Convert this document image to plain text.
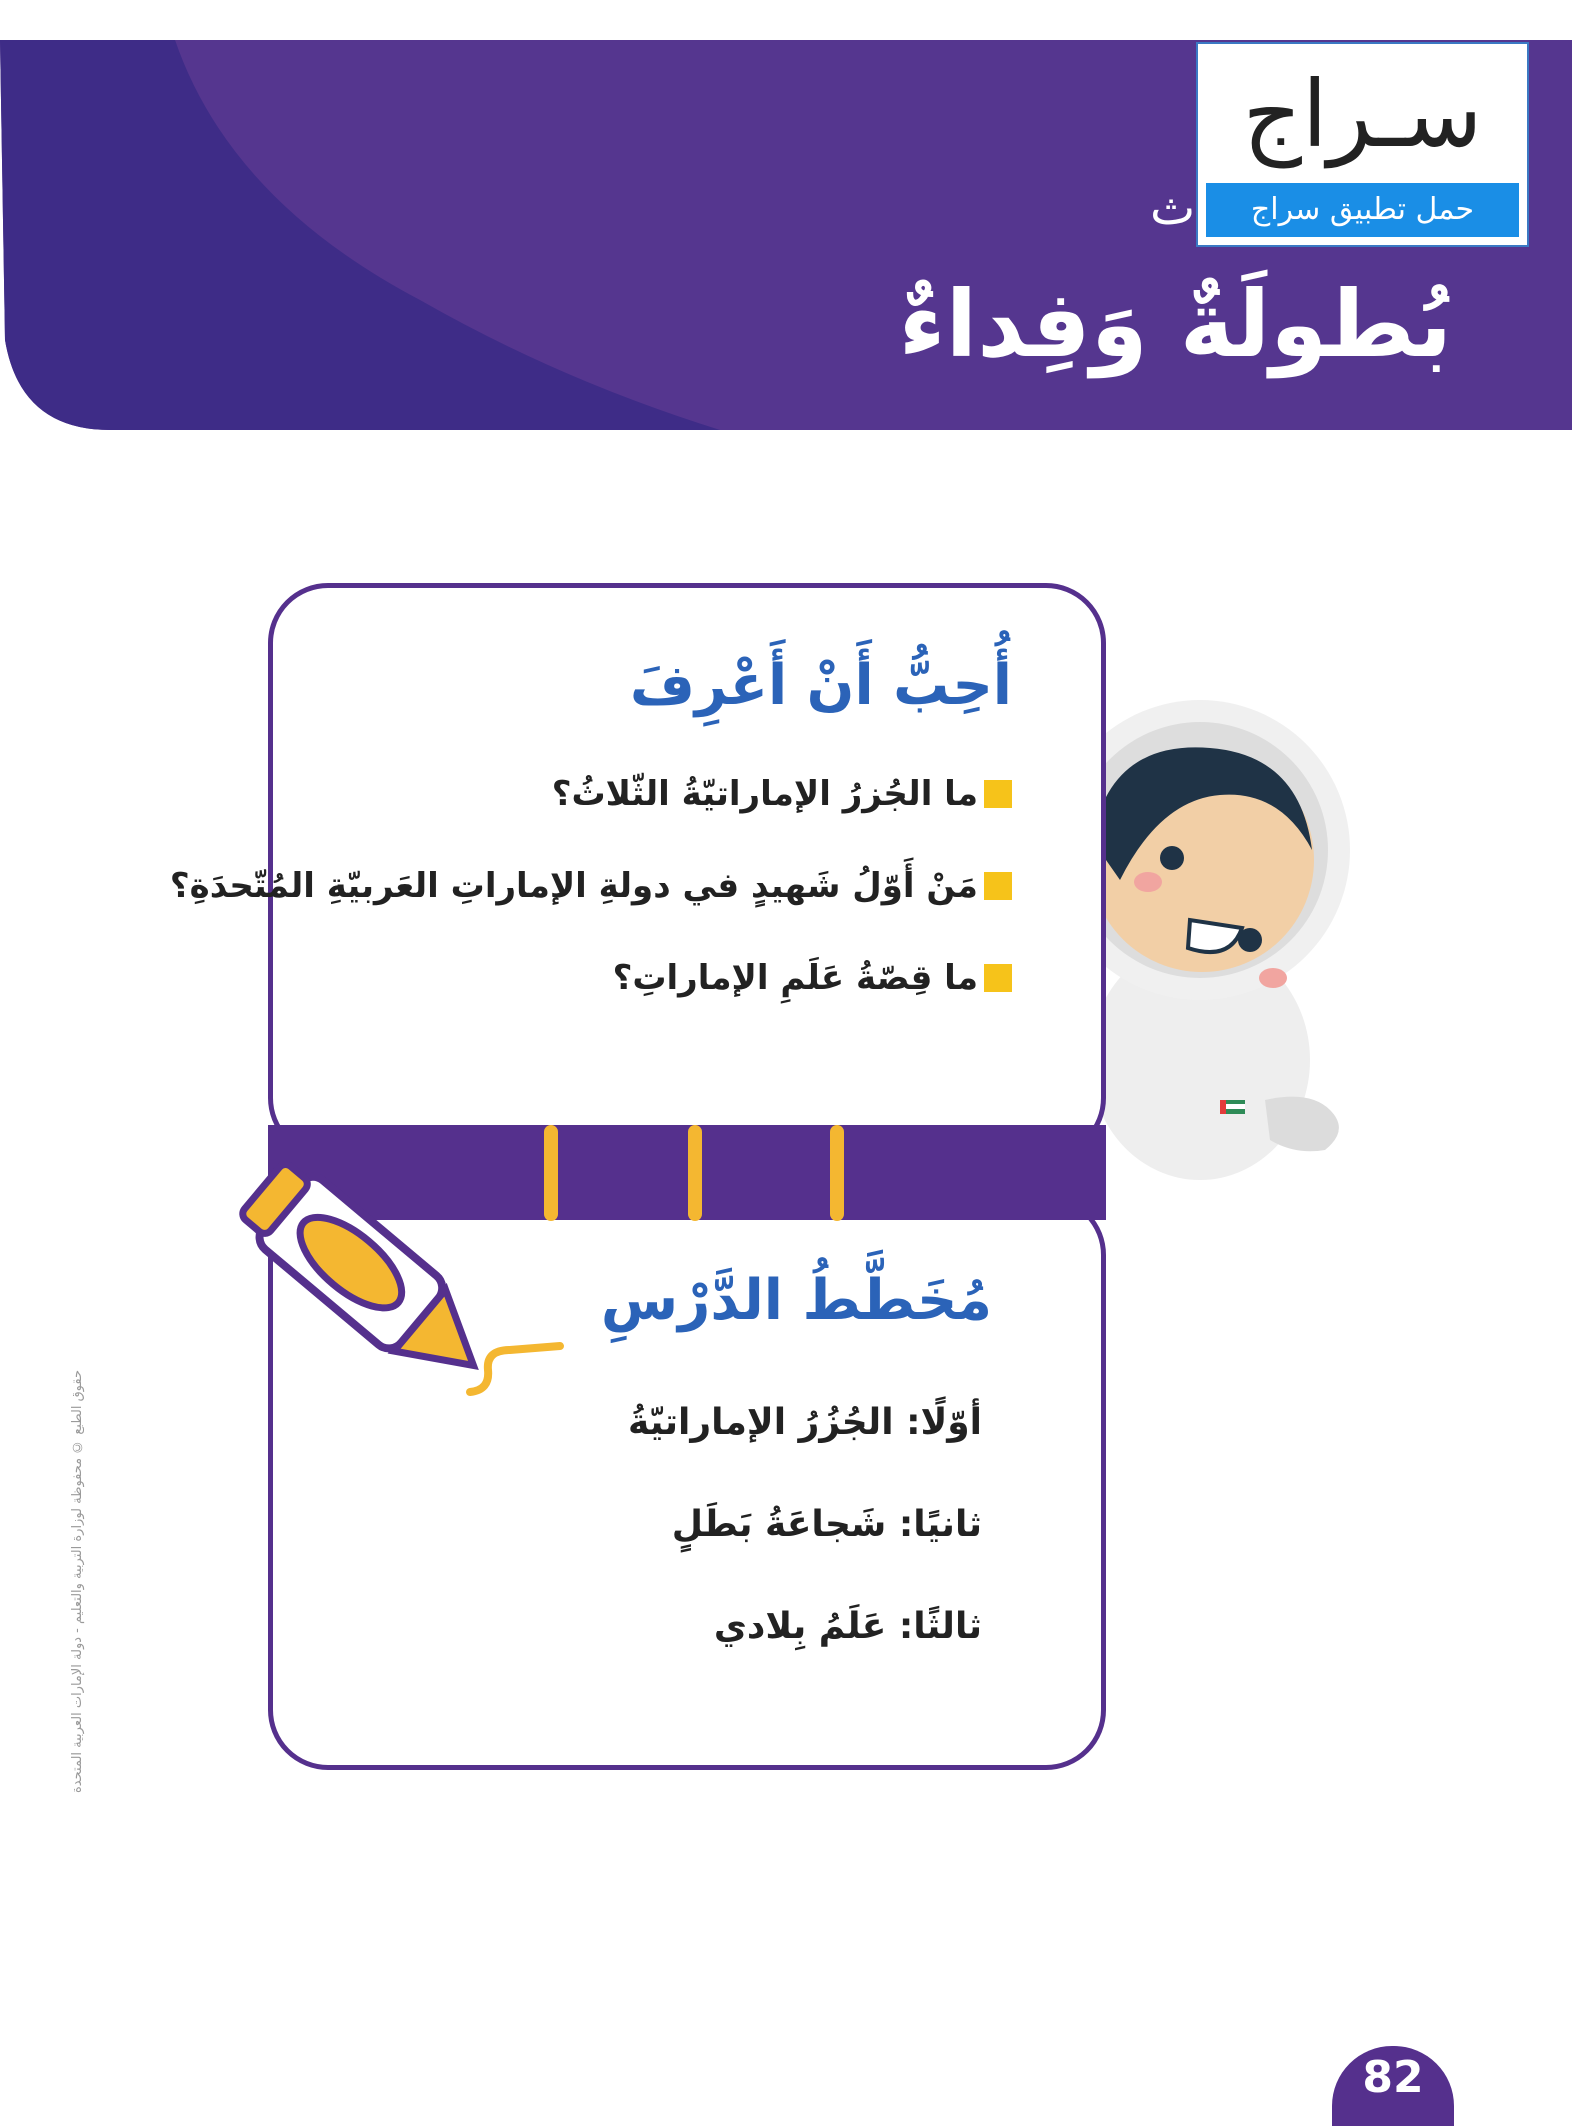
ث
بُطولَةٌ وَفِداءٌ
سـراج
حمل تطبيق سراج
أُحِبُّ أَنْ أَعْرِفَ
ما الجُزرُ الإماراتيّةُ الثّلاثُ؟
مَنْ أَوّلُ شَهيدٍ في دولةِ الإماراتِ العَربيّةِ المُتّحدَةِ؟
ما قِصّةُ عَلَمِ الإماراتِ؟
مُخَطَّطُ الدَّرْسِ
أوّلًا: الجُزُرُ الإماراتيّةُ
ثانيًا: شَجاعَةُ بَطَلٍ
ثالثًا: عَلَمُ بِلادي
حقوق الطبع © محفوظة لوزارة التربية والتعليم - دولة الإمارات العربية المتحدة
82
